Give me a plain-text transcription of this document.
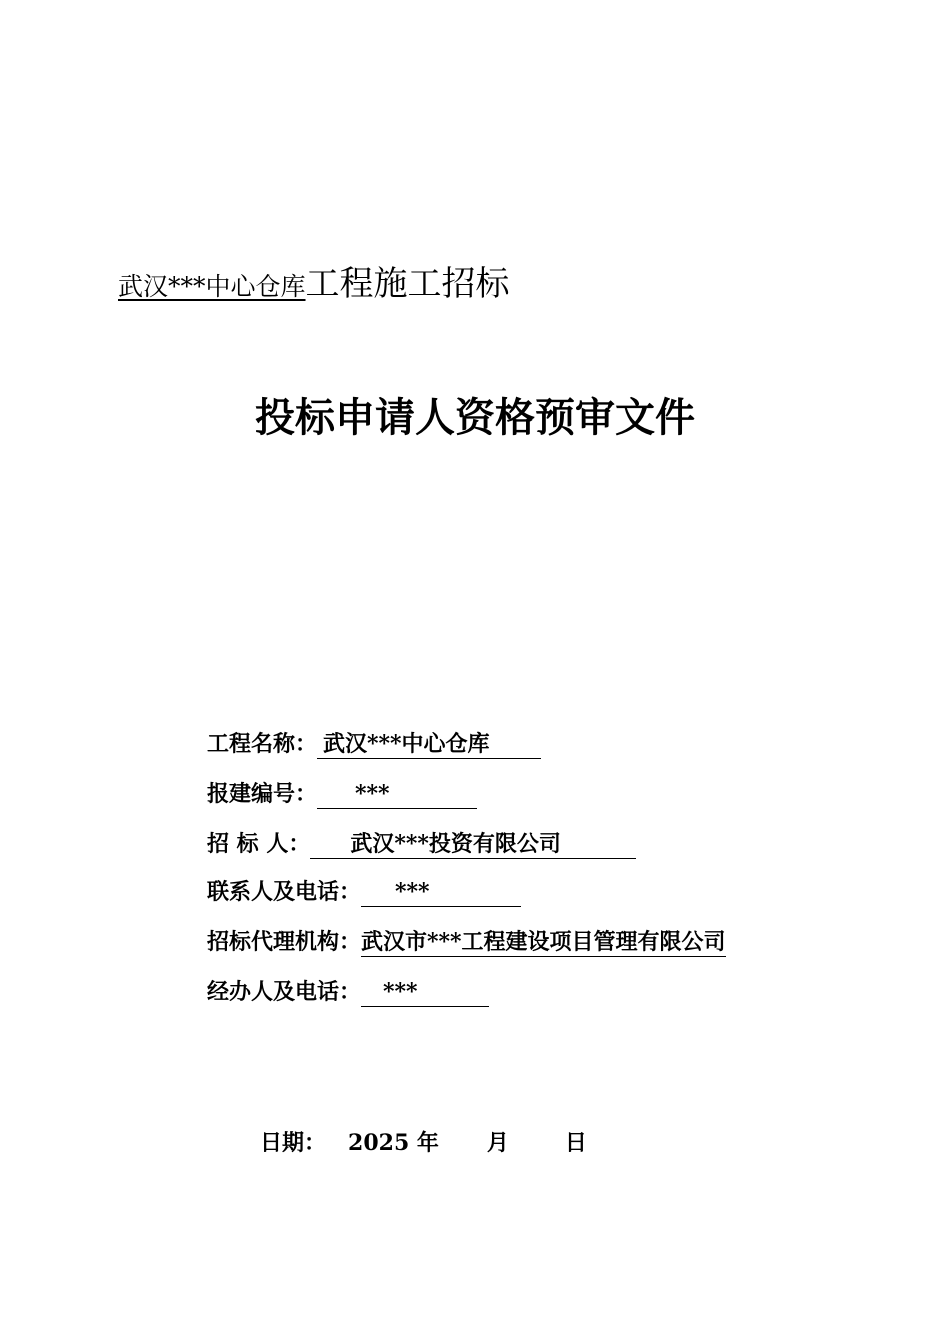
武汉***中心仓库工程施工招标
投标申请人资格预审文件
工程名称： 武汉***中心仓库
报建编号： ***
招 标 人： 武汉***投资有限公司
联系人及电话： ***
招标代理机构：武汉市***工程建设项目管理有限公司
经办人及电话： ***
日期： 2025 年 月	日
